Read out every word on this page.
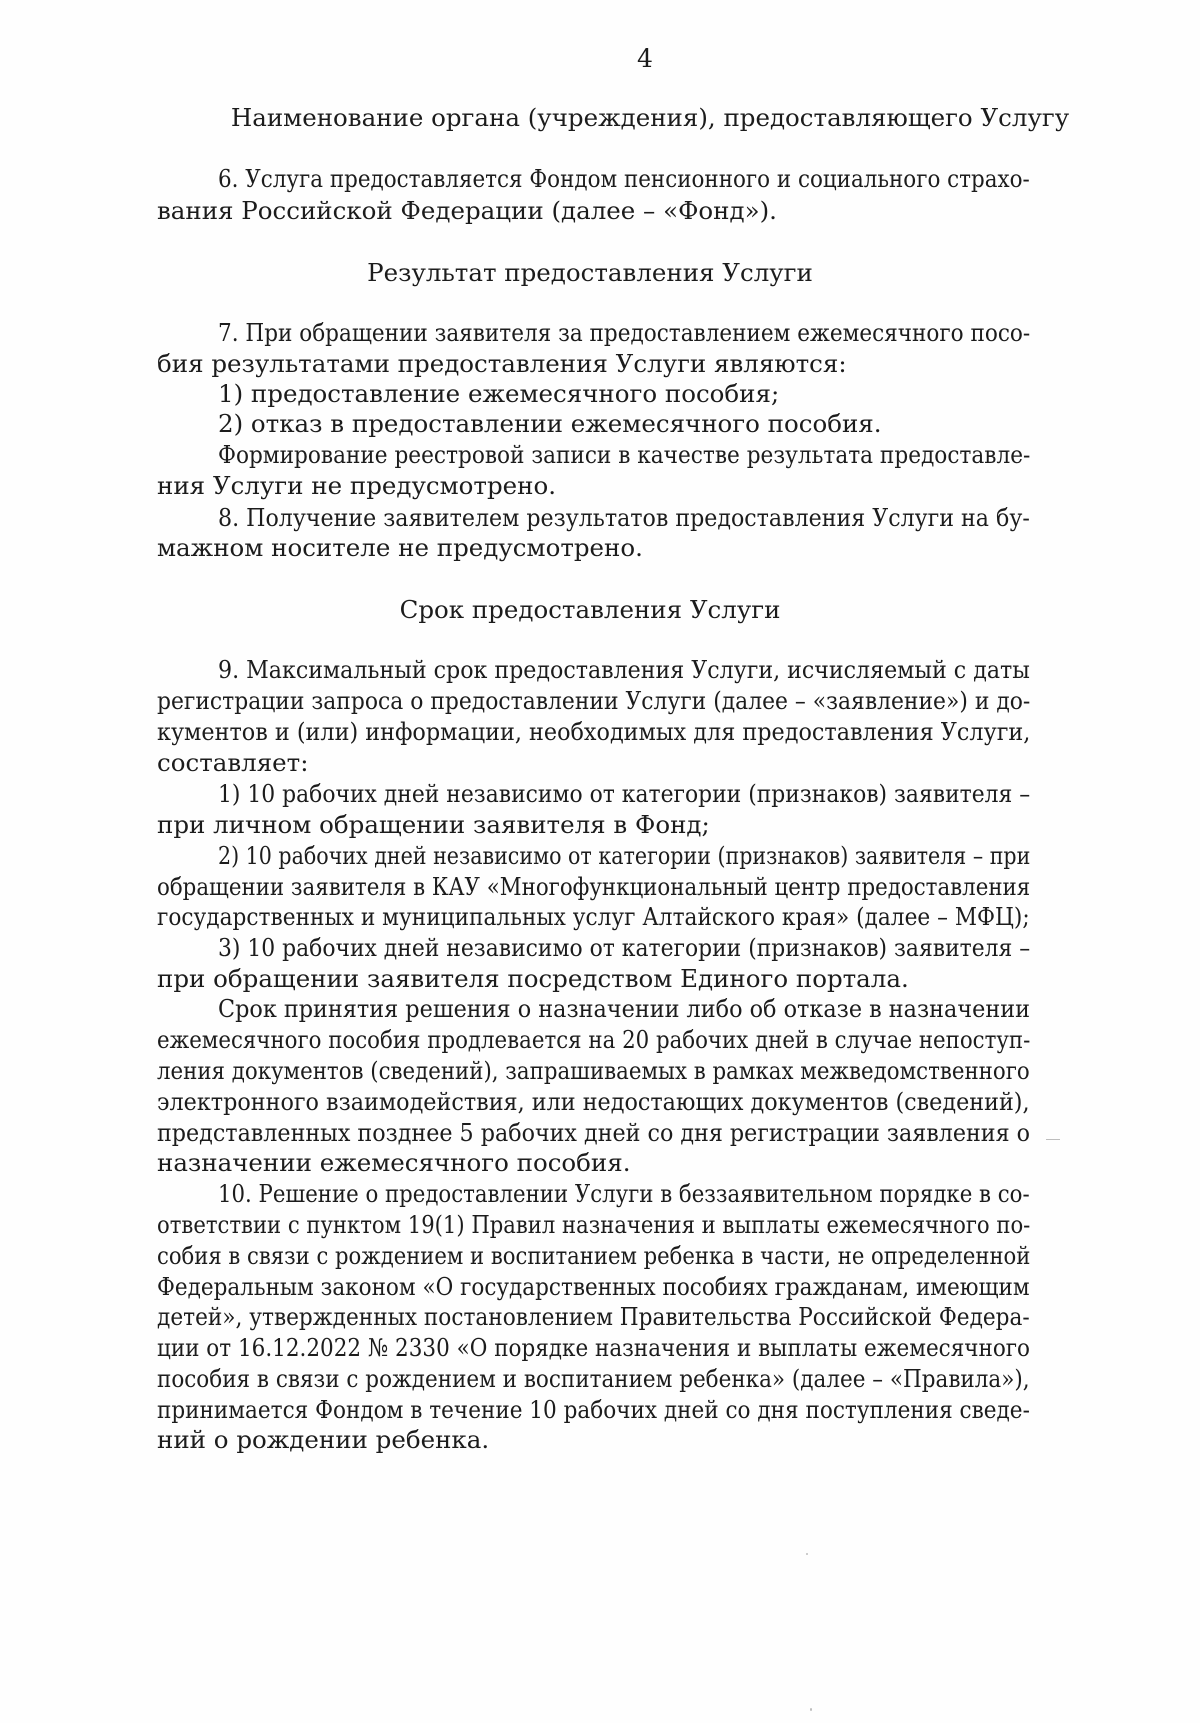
4
Наименование органа (учреждения), предоставляющего Услугу
6. Услуга предоставляется Фондом пенсионного и социального страхо-
вания Российской Федерации (далее – «Фонд»).
Результат предоставления Услуги
7. При обращении заявителя за предоставлением ежемесячного посо-
бия результатами предоставления Услуги являются:
1) предоставление ежемесячного пособия;
2) отказ в предоставлении ежемесячного пособия.
Формирование реестровой записи в качестве результата предоставле-
ния Услуги не предусмотрено.
8. Получение заявителем результатов предоставления Услуги на бу-
мажном носителе не предусмотрено.
Срок предоставления Услуги
9. Максимальный срок предоставления Услуги, исчисляемый с даты
регистрации запроса о предоставлении Услуги (далее – «заявление») и до-
кументов и (или) информации, необходимых для предоставления Услуги,
составляет:
1) 10 рабочих дней независимо от категории (признаков) заявителя –
при личном обращении заявителя в Фонд;
2) 10 рабочих дней независимо от категории (признаков) заявителя – при
обращении заявителя в КАУ «Многофункциональный центр предоставления
государственных и муниципальных услуг Алтайского края» (далее – МФЦ);
3) 10 рабочих дней независимо от категории (признаков) заявителя –
при обращении заявителя посредством Единого портала.
Срок принятия решения о назначении либо об отказе в назначении
ежемесячного пособия продлевается на 20 рабочих дней в случае непоступ-
ления документов (сведений), запрашиваемых в рамках межведомственного
электронного взаимодействия, или недостающих документов (сведений),
представленных позднее 5 рабочих дней со дня регистрации заявления о
назначении ежемесячного пособия.
10. Решение о предоставлении Услуги в беззаявительном порядке в со-
ответствии с пунктом 19(1) Правил назначения и выплаты ежемесячного по-
собия в связи с рождением и воспитанием ребенка в части, не определенной
Федеральным законом «О государственных пособиях гражданам, имеющим
детей», утвержденных постановлением Правительства Российской Федера-
ции от 16.12.2022 № 2330 «О порядке назначения и выплаты ежемесячного
пособия в связи с рождением и воспитанием ребенка» (далее – «Правила»),
принимается Фондом в течение 10 рабочих дней со дня поступления сведе-
ний о рождении ребенка.
